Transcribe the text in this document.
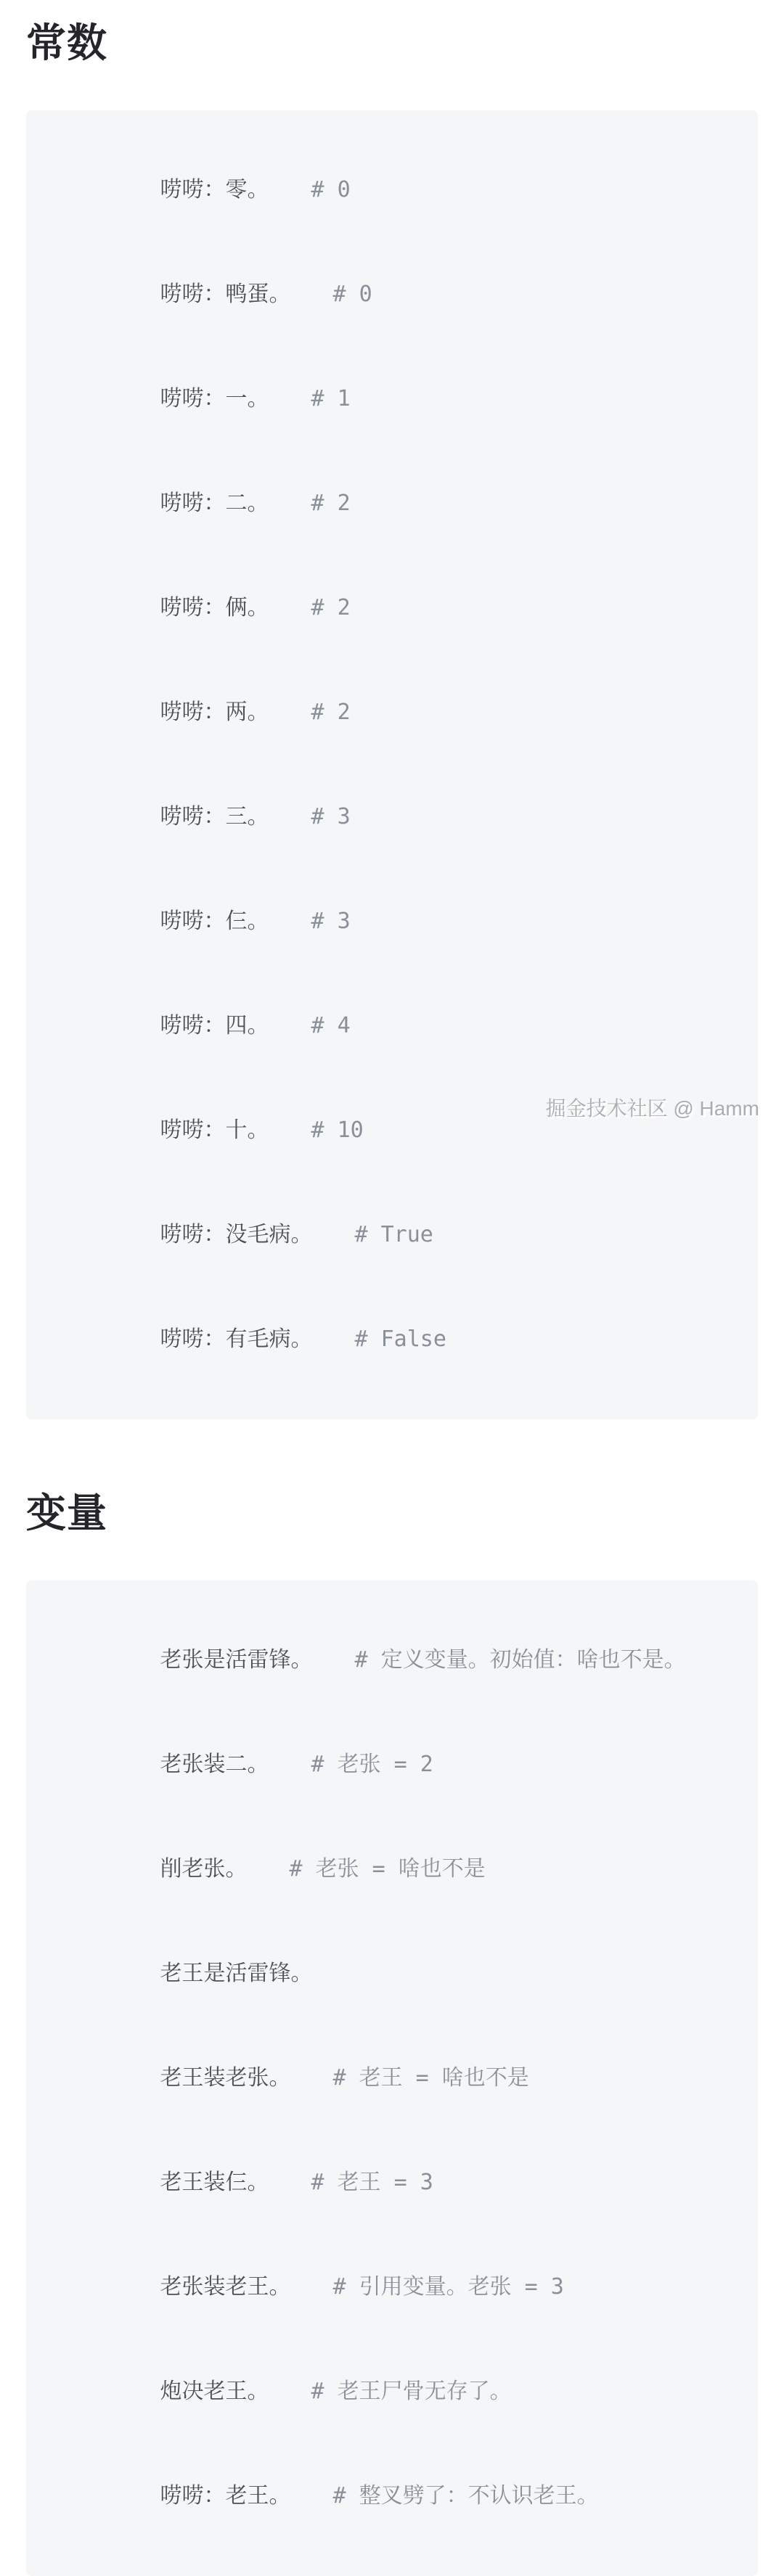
常数

唠唠：零。 # 0

唠唠：鸭蛋。 # 0

唠唠：一。 # 1

唠唠：二。 # 2

唠唠：俩。 # 2

唠唠：两。 # 2

唠唠：三。 # 3

唠唠：仨。 # 3

唠唠：四。 # 4

唠唠：十。 # 10

唠唠：没毛病。 # True

唠唠：有毛病。 # False

变量

老张是活雷锋。 # 定义变量。初始值：啥也不是。

老张装二。 # 老张 = 2

削老张。 # 老张 = 啥也不是

老王是活雷锋。

老王装老张。 # 老王 = 啥也不是

老王装仨。 # 老王 = 3

老张装老王。 # 引用变量。老张 = 3

炮决老王。 # 老王尸骨无存了。

唠唠：老王。 # 整叉劈了：不认识老王。

掘金技术社区 @ Hamm
